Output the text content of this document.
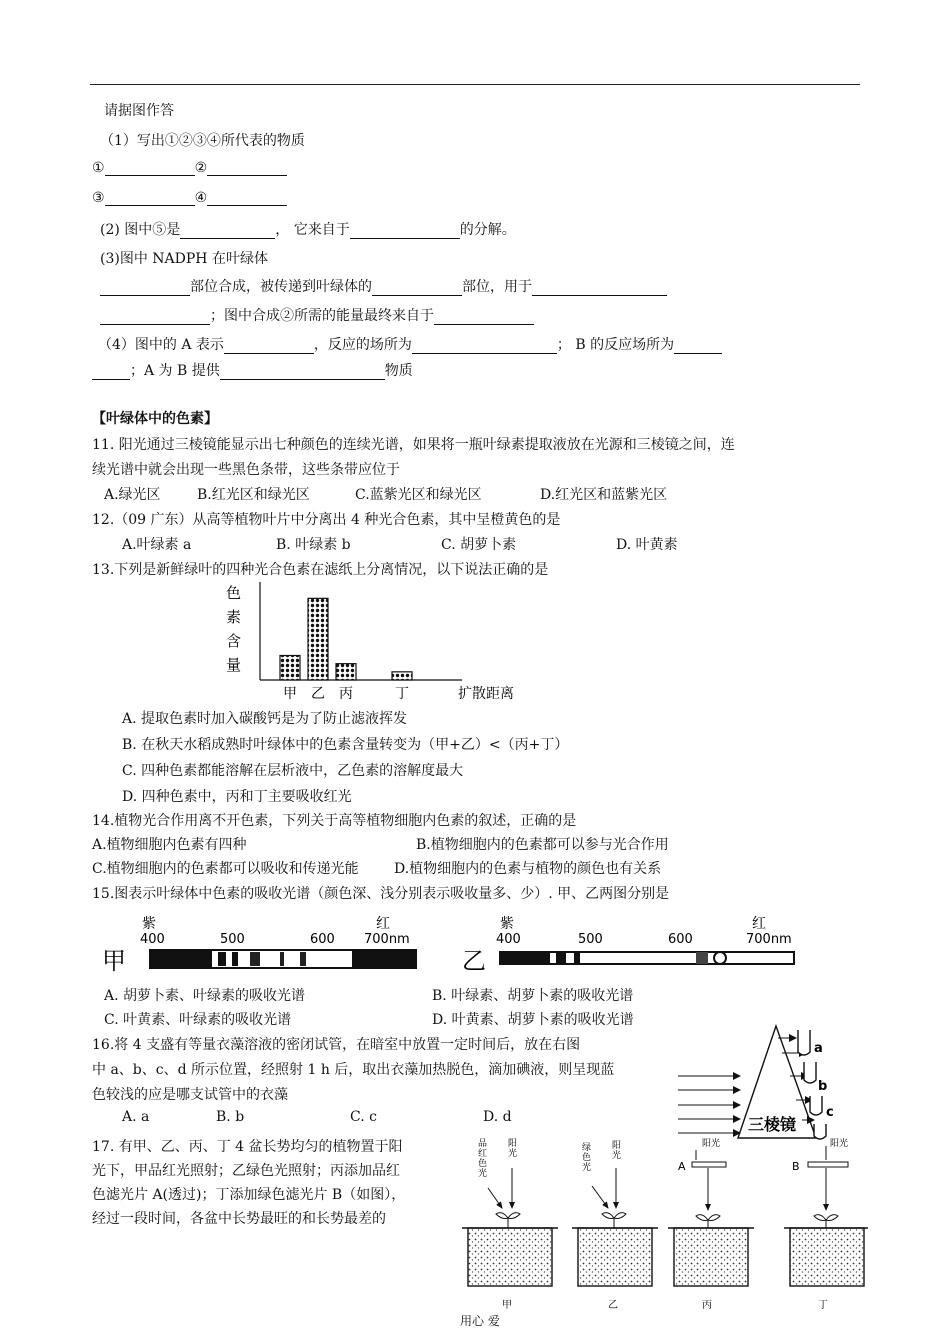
请据图作答
（1）写出①②③④所代表的物质
①	②
③	④
(2) 图中⑤是	， 它来自于	的分解。
(3)图中 NADPH 在叶绿体
部位合成，被传递到叶绿体的	部位，用于
；图中合成②所需的能量最终来自于
（4）图中的 A 表示	，反应的场所为	； B 的反应场所为
；A 为 B 提供	物质
【叶绿体中的色素】
11. 阳光通过三棱镜能显示出七种颜色的连续光谱，如果将一瓶叶绿素提取液放在光源和三棱镜之间，连
续光谱中就会出现一些黑色条带，这些条带应位于
A.绿光区	B.红光区和绿光区	C.蓝紫光区和绿光区	D.红光区和蓝紫光区
12.（09 广东）从高等植物叶片中分离出 4 种光合色素，其中呈橙黄色的是
A.叶绿素 a	B. 叶绿素 b	C. 胡萝卜素	D. 叶黄素
13.下列是新鲜绿叶的四种光合色素在滤纸上分离情况，以下说法正确的是
色
素
含
量
甲 乙 丙	丁	扩散距离
A. 提取色素时加入碳酸钙是为了防止滤液挥发
B. 在秋天水稻成熟时叶绿体中的色素含量转变为（甲+乙）<（丙+丁）
C. 四种色素都能溶解在层析液中，乙色素的溶解度最大
D. 四种色素中，丙和丁主要吸收红光
14.植物光合作用离不开色素，下列关于高等植物细胞内色素的叙述，正确的是
A.植物细胞内色素有四种	B.植物细胞内的色素都可以参与光合作用
C.植物细胞内的色素都可以吸收和传递光能	D.植物细胞内的色素与植物的颜色也有关系
15.图表示叶绿体中色素的吸收光谱（颜色深、浅分别表示吸收量多、少）. 甲、乙两图分别是
甲
紫	红
400	500	600 700nm
乙
紫	红
400	500	600	700nm
A. 胡萝卜素、叶绿素的吸收光谱	B. 叶绿素、胡萝卜素的吸收光谱
C. 叶黄素、叶绿素的吸收光谱	D. 叶黄素、胡萝卜素的吸收光谱
16.将 4 支盛有等量衣藻溶液的密闭试管，在暗室中放置一定时间后，放在右图
中 a、b、c、d 所示位置，经照射 1 h 后，取出衣藻加热脱色，滴加碘液，则呈现蓝
色较浅的应是哪支试管中的衣藻
A. a	B. b	C. c	D. d	三棱镜
a
b
c
17. 有甲、乙、丙、丁 4 盆长势均匀的植物置于阳
光下，甲品红光照射；乙绿色光照射；丙添加品红
色滤光片 A(透过)；丁添加绿色滤光片 B（如图），
经过一段时间，各盆中长势最旺的和长势最差的
品
红
色
光
阳
光
甲
绿
色
光
阳
光
乙
阳光
A
丙
阳光
B
丁
用心 爱
